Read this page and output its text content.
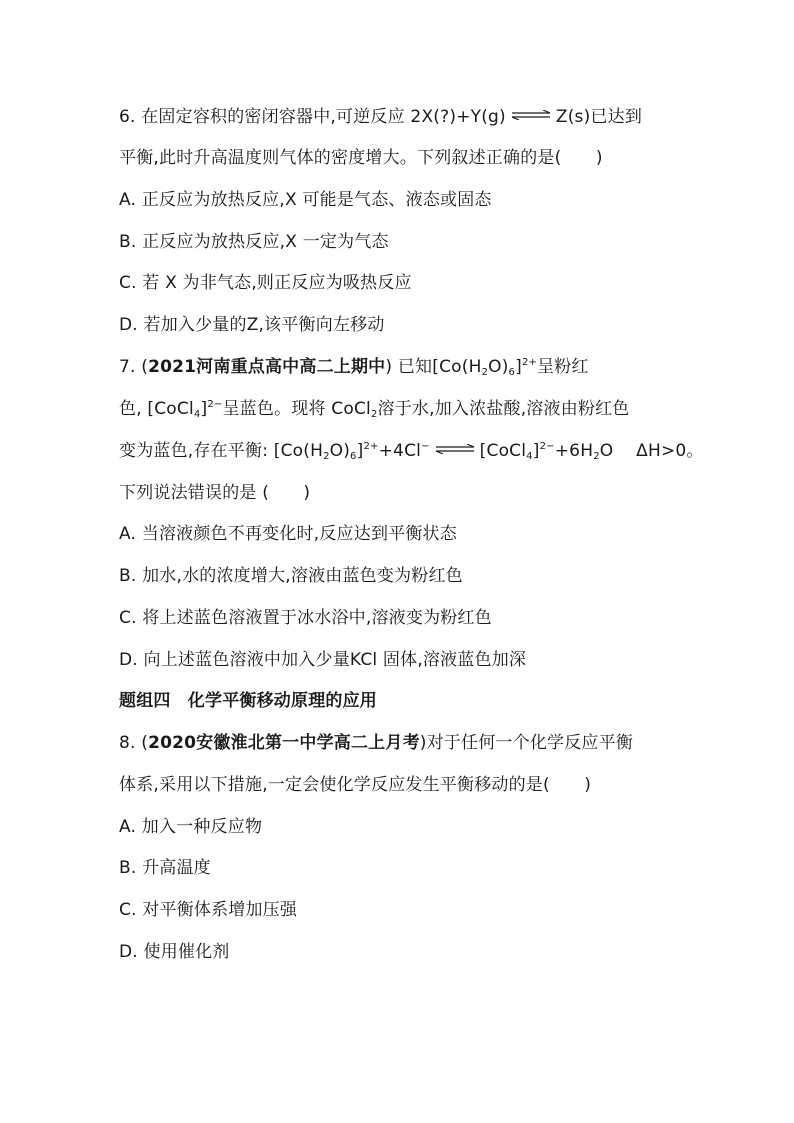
6. 在固定容积的密闭容器中,可逆反应 2X(?)+Y(g) ⇌ Z(s)已达到
平衡,此时升高温度则气体的密度增大。下列叙述正确的是(　　)
A. 正反应为放热反应,X 可能是气态、液态或固态
B. 正反应为放热反应,X 一定为气态
C. 若 X 为非气态,则正反应为吸热反应
D. 若加入少量的Z,该平衡向左移动
7. (2021河南重点高中高二上期中) 已知$[Co(H_2O)_6]^{2+}$呈粉红
色, [CoCl$_4$]$^{2-}$呈蓝色。现将 CoCl$_2$溶于水,加入浓盐酸,溶液由粉红色
变为蓝色,存在平衡: $[Co(H_2O)_6]^{2+}+4Cl^-$ ⇌ $[CoCl_4]^{2-}+6H_2O$　 ΔH>0。
下列说法错误的是 (　　)
A. 当溶液颜色不再变化时,反应达到平衡状态
B. 加水,水的浓度增大,溶液由蓝色变为粉红色
C. 将上述蓝色溶液置于冰水浴中,溶液变为粉红色
D. 向上述蓝色溶液中加入少量KCl 固体,溶液蓝色加深
题组四　化学平衡移动原理的应用
8. (2020安徽淮北第一中学高二上月考)对于任何一个化学反应平衡
体系,采用以下措施,一定会使化学反应发生平衡移动的是(　　)
A. 加入一种反应物
B. 升高温度
C. 对平衡体系增加压强
D. 使用催化剂
